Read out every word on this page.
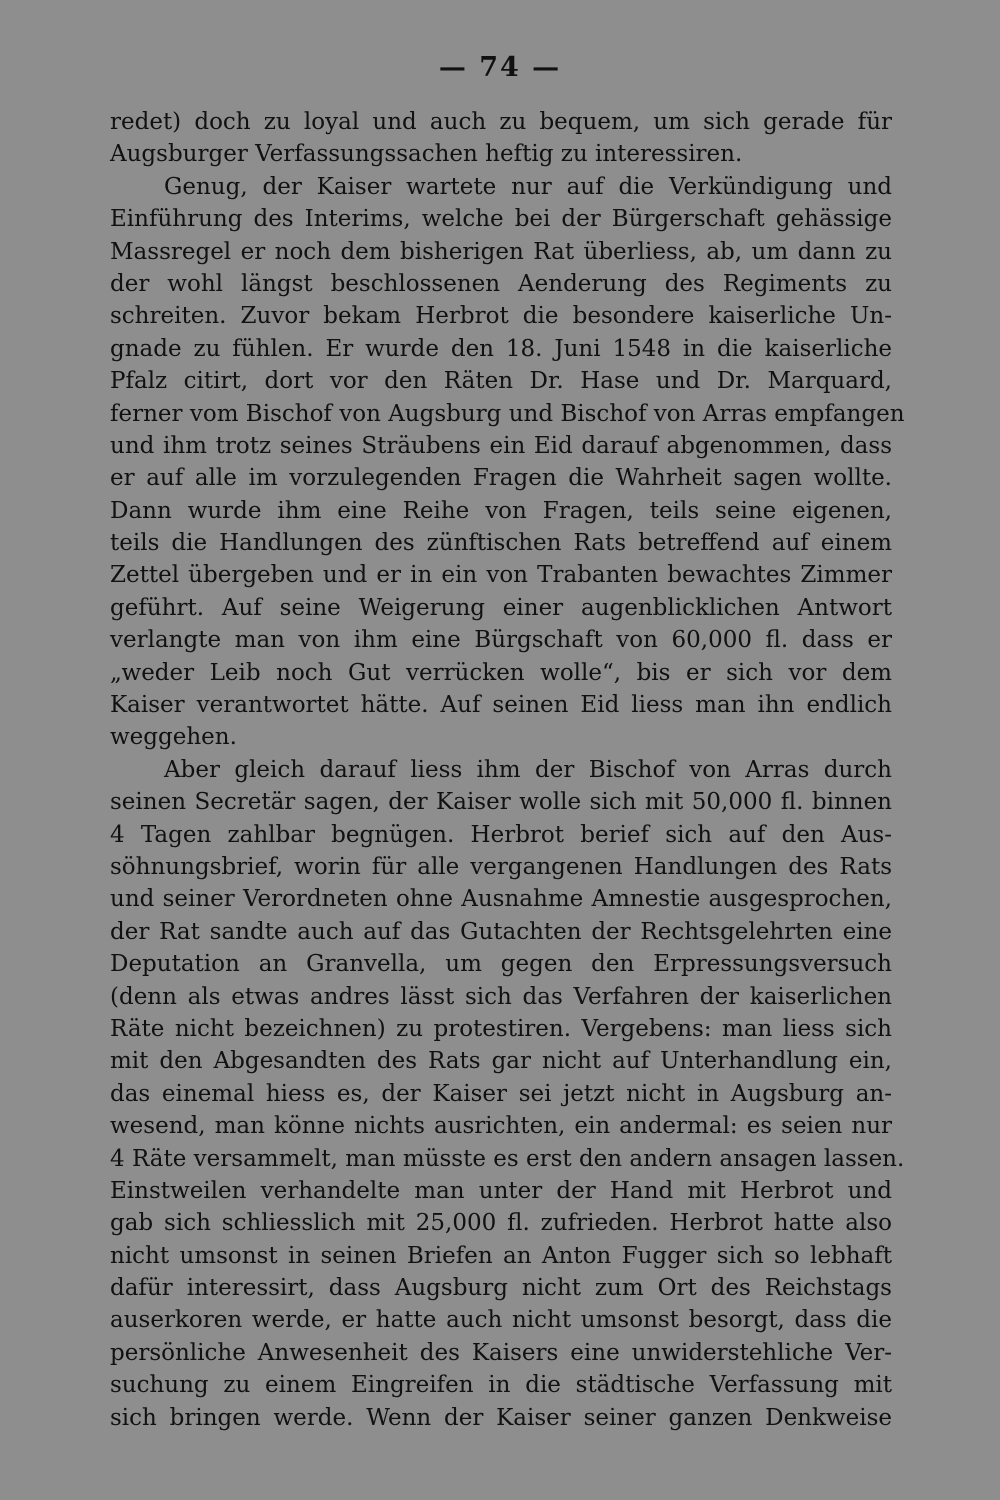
— 74 —
redet) doch zu loyal und auch zu bequem, um sich gerade für
Augsburger Verfassungssachen heftig zu interessiren.
Genug, der Kaiser wartete nur auf die Verkündigung und
Einführung des Interims, welche bei der Bürgerschaft gehässige
Massregel er noch dem bisherigen Rat überliess, ab, um dann zu
der wohl längst beschlossenen Aenderung des Regiments zu
schreiten. Zuvor bekam Herbrot die besondere kaiserliche Un-
gnade zu fühlen. Er wurde den 18. Juni 1548 in die kaiserliche
Pfalz citirt, dort vor den Räten Dr. Hase und Dr. Marquard,
ferner vom Bischof von Augsburg und Bischof von Arras empfangen
und ihm trotz seines Sträubens ein Eid darauf abgenommen, dass
er auf alle im vorzulegenden Fragen die Wahrheit sagen wollte.
Dann wurde ihm eine Reihe von Fragen, teils seine eigenen,
teils die Handlungen des zünftischen Rats betreffend auf einem
Zettel übergeben und er in ein von Trabanten bewachtes Zimmer
geführt. Auf seine Weigerung einer augenblicklichen Antwort
verlangte man von ihm eine Bürgschaft von 60,000 fl. dass er
„weder Leib noch Gut verrücken wolle“, bis er sich vor dem
Kaiser verantwortet hätte. Auf seinen Eid liess man ihn endlich
weggehen.
Aber gleich darauf liess ihm der Bischof von Arras durch
seinen Secretär sagen, der Kaiser wolle sich mit 50,000 fl. binnen
4 Tagen zahlbar begnügen. Herbrot berief sich auf den Aus-
söhnungsbrief, worin für alle vergangenen Handlungen des Rats
und seiner Verordneten ohne Ausnahme Amnestie ausgesprochen,
der Rat sandte auch auf das Gutachten der Rechtsgelehrten eine
Deputation an Granvella, um gegen den Erpressungsversuch
(denn als etwas andres lässt sich das Verfahren der kaiserlichen
Räte nicht bezeichnen) zu protestiren. Vergebens: man liess sich
mit den Abgesandten des Rats gar nicht auf Unterhandlung ein,
das einemal hiess es, der Kaiser sei jetzt nicht in Augsburg an-
wesend, man könne nichts ausrichten, ein andermal: es seien nur
4 Räte versammelt, man müsste es erst den andern ansagen lassen.
Einstweilen verhandelte man unter der Hand mit Herbrot und
gab sich schliesslich mit 25,000 fl. zufrieden. Herbrot hatte also
nicht umsonst in seinen Briefen an Anton Fugger sich so lebhaft
dafür interessirt, dass Augsburg nicht zum Ort des Reichstags
auserkoren werde, er hatte auch nicht umsonst besorgt, dass die
persönliche Anwesenheit des Kaisers eine unwiderstehliche Ver-
suchung zu einem Eingreifen in die städtische Verfassung mit
sich bringen werde. Wenn der Kaiser seiner ganzen Denkweise
